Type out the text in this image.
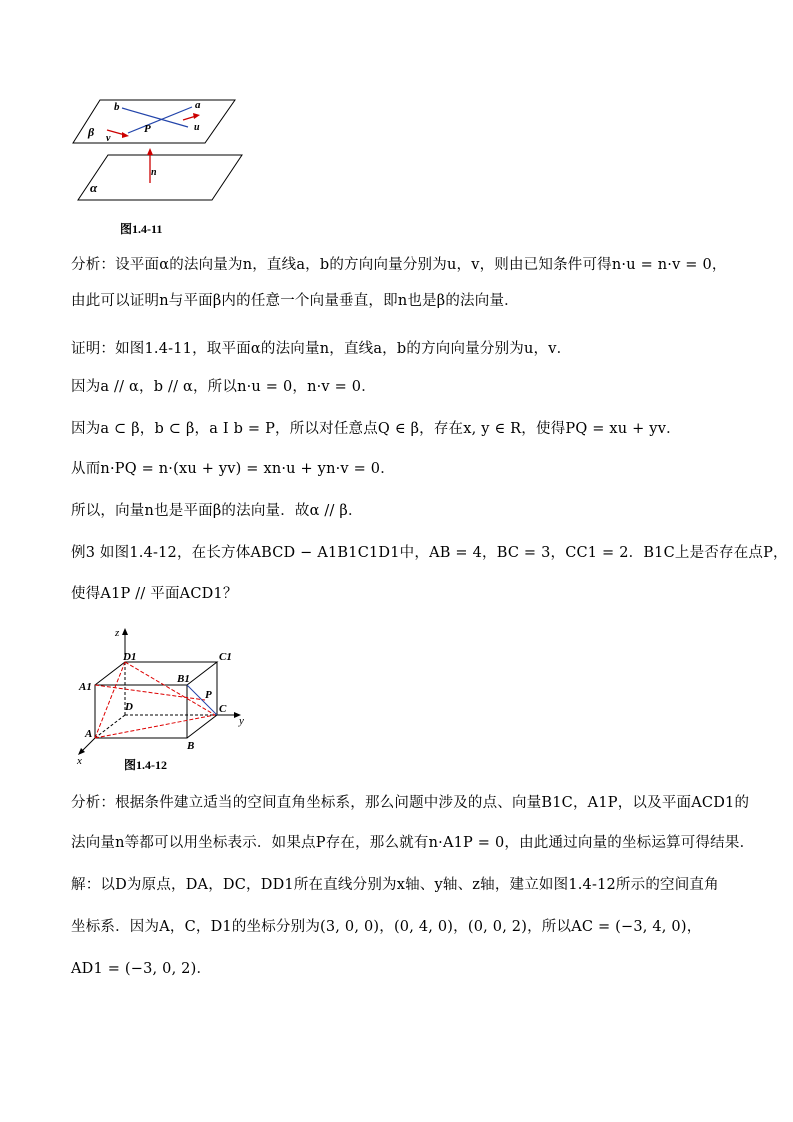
b	a
β	P	u
v
n
α
图1.4-11
分析：设平面α的法向量为n，直线a，b的方向向量分别为u，v，则由已知条件可得n·u = n·v = 0，
由此可以证明n与平面β内的任意一个向量垂直，即n也是β的法向量．
证明：如图1.4-11，取平面α的法向量n，直线a，b的方向向量分别为u，v．
因为a // α，b // α，所以n·u = 0，n·v = 0．
因为a ⊂ β，b ⊂ β，a I b = P，所以对任意点Q ∈ β，存在x, y ∈ R，使得PQ = xu + yv．
从而n·PQ = n·(xu + yv) = xn·u + yn·v = 0．
所以，向量n也是平面β的法向量．故α // β．
例3 如图1.4-12，在长方体ABCD − A1B1C1D1中，AB = 4，BC = 3，CC1 = 2．B1C上是否存在点P，
使得A1P // 平面ACD1？
z
y
x
D1	C1
A1
B1
P
C
D
A
B
图1.4-12
分析：根据条件建立适当的空间直角坐标系，那么问题中涉及的点、向量B1C，A1P，以及平面ACD1的
法向量n等都可以用坐标表示．如果点P存在，那么就有n·A1P = 0，由此通过向量的坐标运算可得结果．
解：以D为原点，DA，DC，DD1所在直线分别为x轴、y轴、z轴，建立如图1.4-12所示的空间直角
坐标系．因为A，C，D1的坐标分别为(3, 0, 0)，(0, 4, 0)，(0, 0, 2)，所以AC = (−3, 4, 0)，
AD1 = (−3, 0, 2)．
